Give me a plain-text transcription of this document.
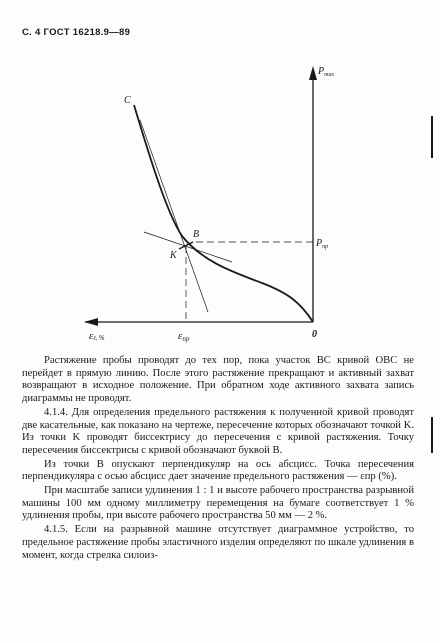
С. 4 ГОСТ 16218.9—89
C
B
K
0
$P_{max}$
$P_{пр}$
εr, %	εпр

Растяжение пробы проводят до тех пор, пока участок BC кривой OBC не перейдет в прямую линию. После этого растяжение прекращают и активный захват возвращают в исходное положение. При обратном ходе активного захвата запись диаграммы не проводят.

4.1.4. Для определения предельного растяжения к полученной кривой проводят две касательные, как показано на чертеже, пересечение которых обозначают точкой K. Из точки K проводят биссектрису до пересечения с кривой растяжения. Точку пересечения биссектрисы с кривой обозначают буквой B.

Из точки B опускают перпендикуляр на ось абсцисс. Точка пересечения перпендикуляра с осью абсцисс дает значение предельного растяжения — εпр (%).

При масштабе записи удлинения 1 : 1 и высоте рабочего пространства разрывной машины 100 мм одному миллиметру перемещения на бумаге соответствует 1 % удлинения пробы, при высоте рабочего пространства 50 мм — 2 %.

4.1.5. Если на разрывной машине отсутствует диаграммное устройство, то предельное растяжение пробы эластичного изделия определяют по шкале удлинения в момент, когда стрелка силоиз-
